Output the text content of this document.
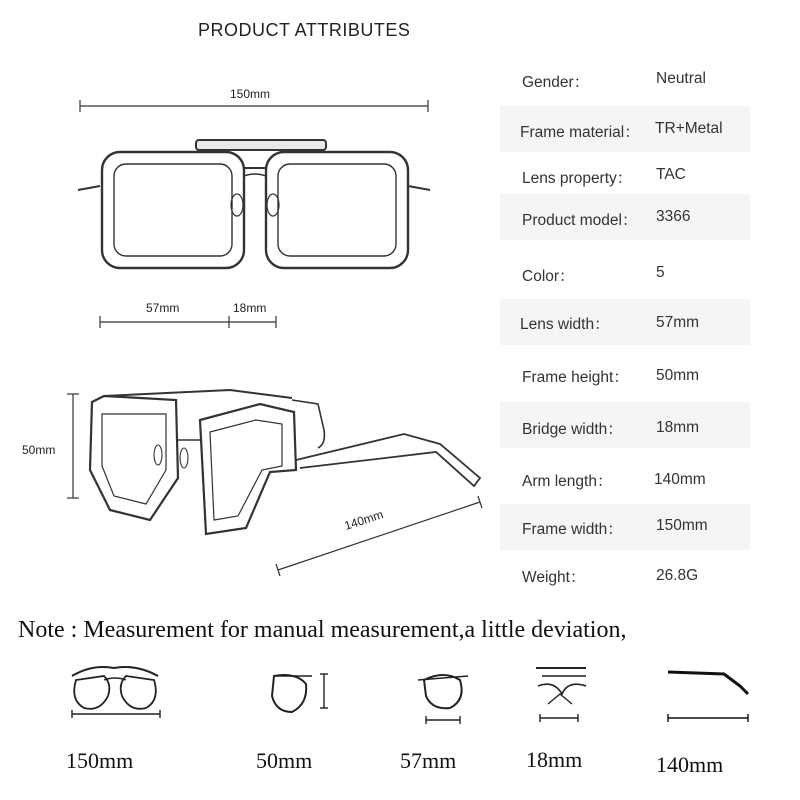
PRODUCT ATTRIBUTES
150mm
57mm	18mm
50mm
140mm
Gender：	Neutral
Frame material： TR+Metal
Lens property： TAC
Product model： 3366
Color：	5
Lens width：	57mm
Frame height： 50mm
Bridge width： 18mm
Arm length：	140mm
Frame width： 150mm
Weight：	26.8G
Note : Measurement for manual measurement,a little deviation,
150mm	50mm	57mm	18mm	140mm
